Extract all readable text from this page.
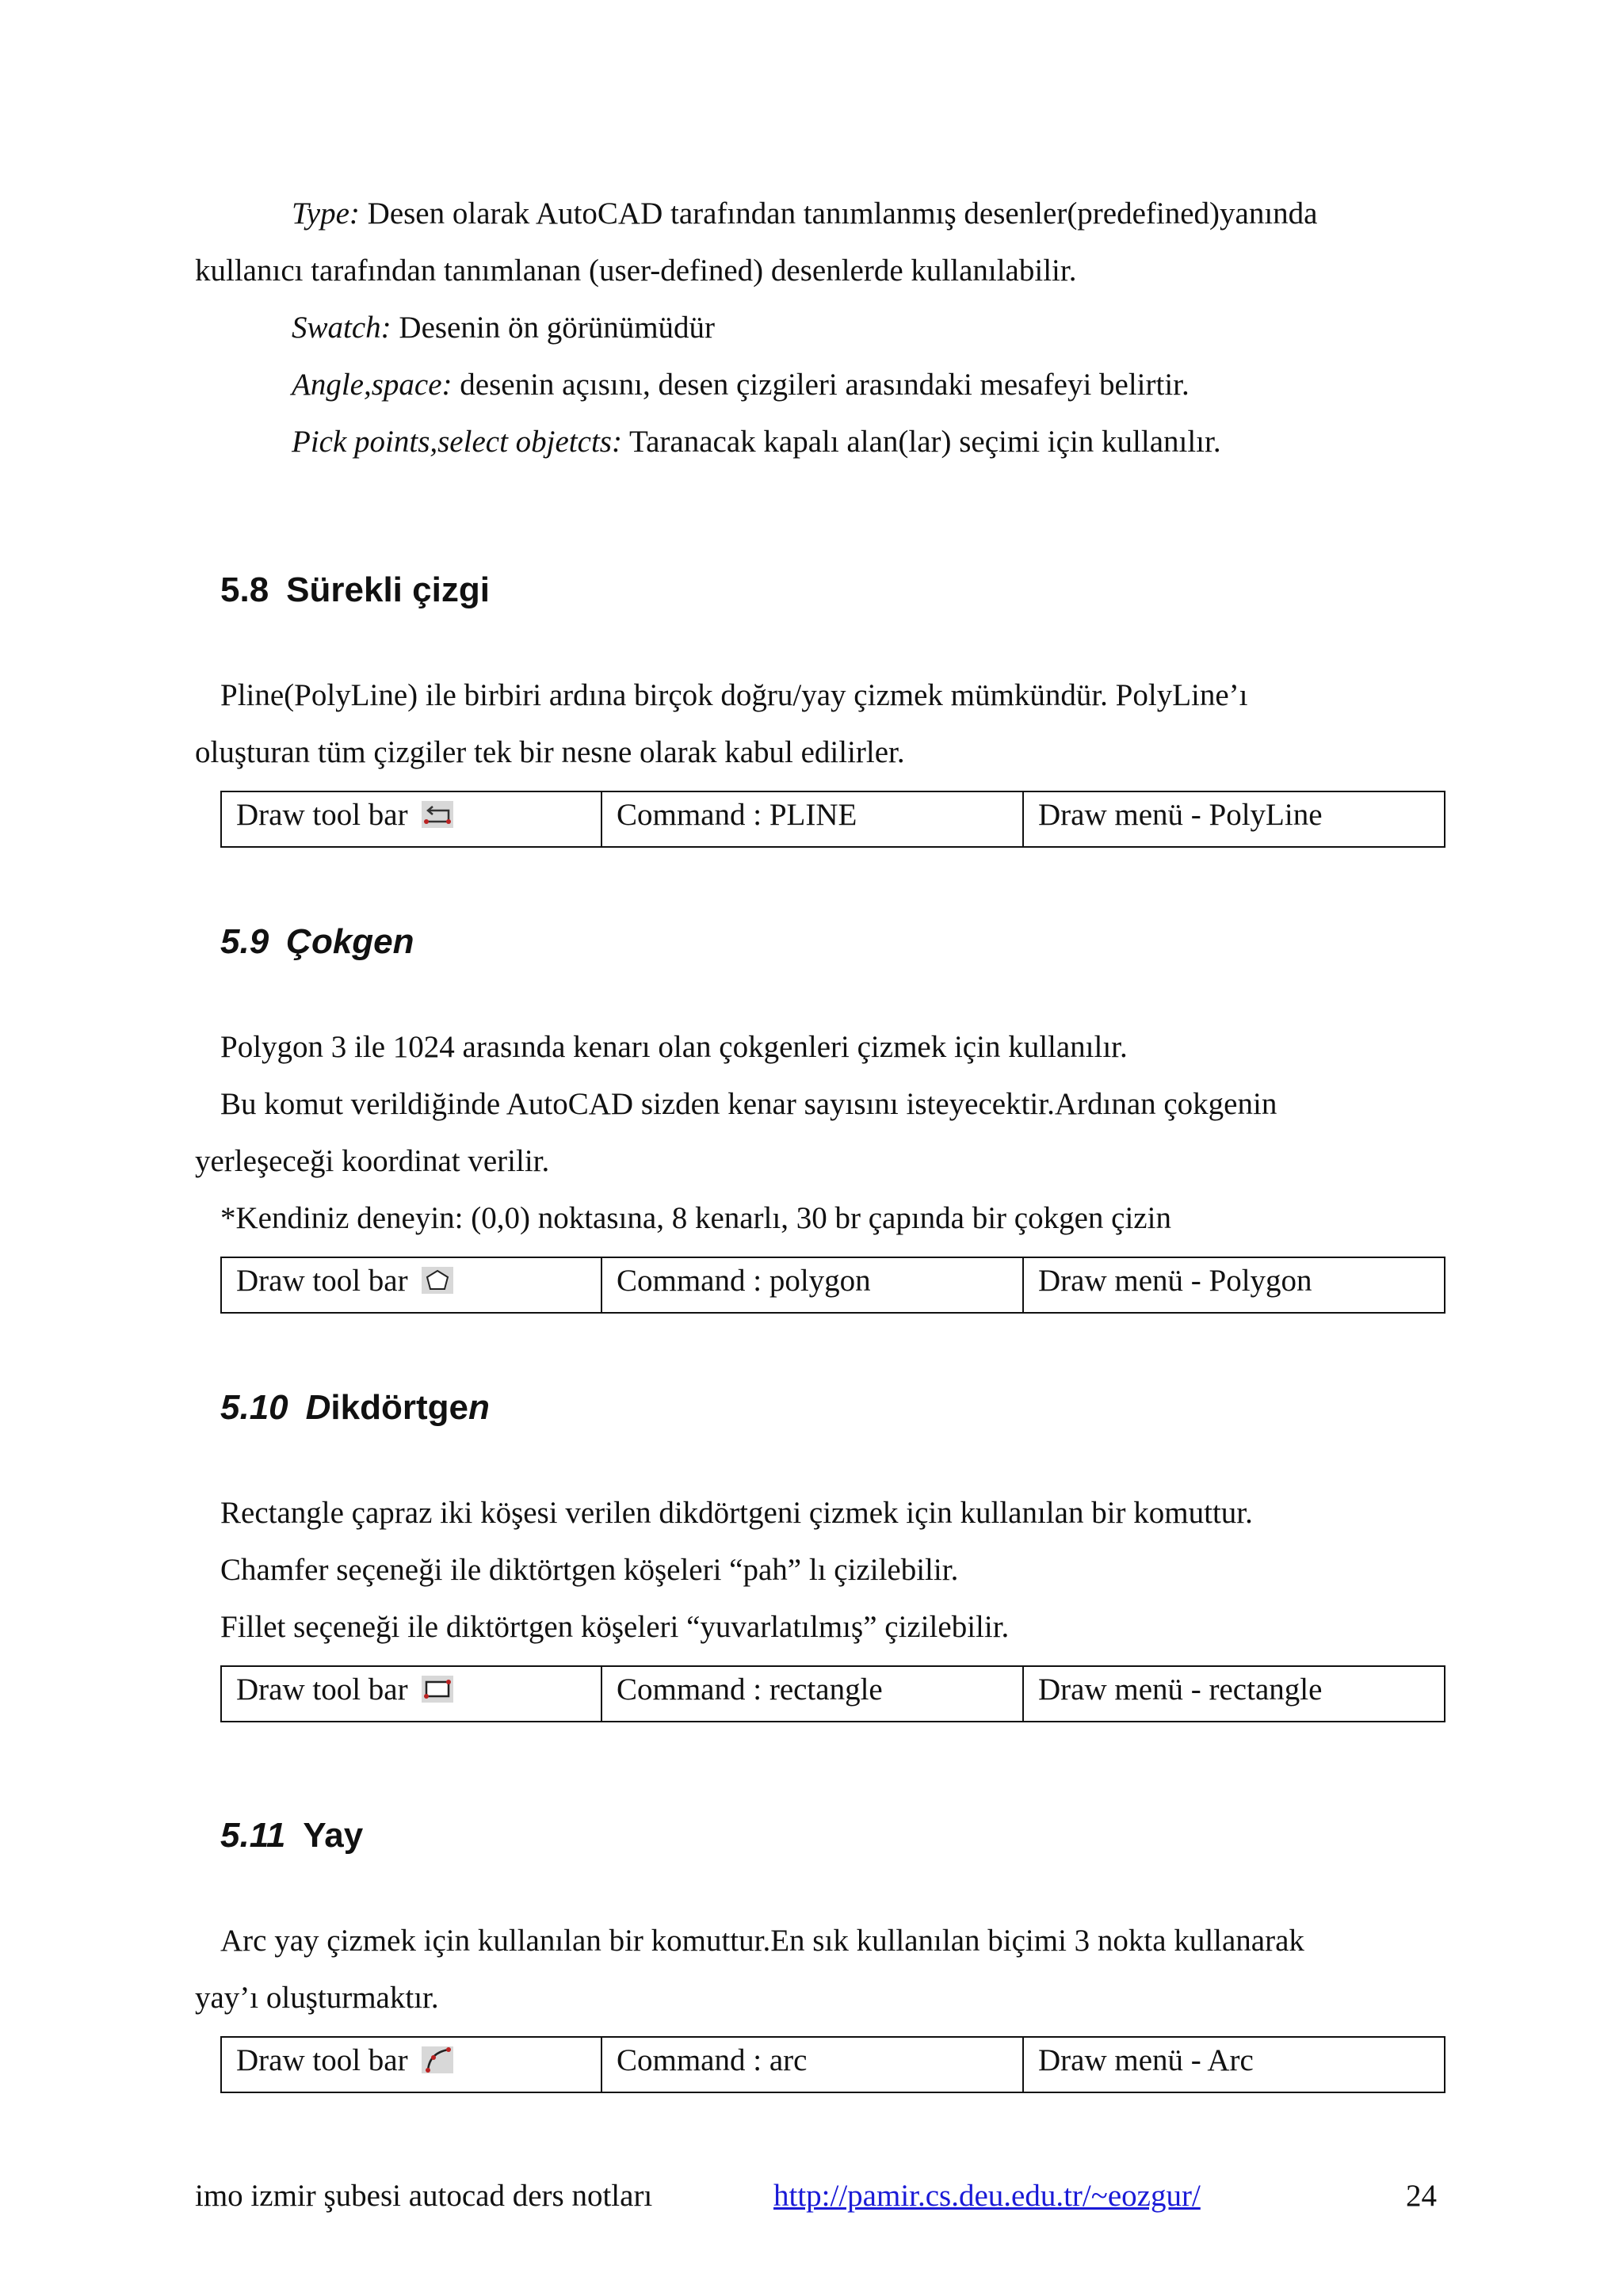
Type: Desen olarak AutoCAD tarafından tanımlanmış desenler(predefined)yanında
kullanıcı tarafından tanımlanan (user-defined) desenlerde kullanılabilir.
Swatch: Desenin ön görünümüdür
Angle,space: desenin açısını, desen çizgileri arasındaki mesafeyi belirtir.
Pick points,select objetcts: Taranacak kapalı alan(lar) seçimi için kullanılır.
5.8 Sürekli çizgi
Pline(PolyLine) ile birbiri ardına birçok doğru/yay çizmek mümkündür. PolyLine’ı
oluşturan tüm çizgiler tek bir nesne olarak kabul edilirler.
Draw tool bar	Command : PLINE	Draw menü - PolyLine
5.9 Çokgen
Polygon 3 ile 1024 arasında kenarı olan çokgenleri çizmek için kullanılır.
Bu komut verildiğinde AutoCAD sizden kenar sayısını isteyecektir.Ardınan çokgenin
yerleşeceği koordinat verilir.
*Kendiniz deneyin: (0,0) noktasına, 8 kenarlı, 30 br çapında bir çokgen çizin
Draw tool bar	Command : polygon	Draw menü - Polygon
5.10 Dikdörtgen
Rectangle çapraz iki köşesi verilen dikdörtgeni çizmek için kullanılan bir komuttur.
Chamfer seçeneği ile diktörtgen köşeleri “pah” lı çizilebilir.
Fillet seçeneği ile diktörtgen köşeleri “yuvarlatılmış” çizilebilir.
Draw tool bar	Command : rectangle	Draw menü - rectangle
5.11 Yay
Arc yay çizmek için kullanılan bir komuttur.En sık kullanılan biçimi 3 nokta kullanarak
yay’ı oluşturmaktır.
Draw tool bar	Command : arc	Draw menü - Arc
imo izmir şubesi autocad ders notları	http://pamir.cs.deu.edu.tr/~eozgur/	24
